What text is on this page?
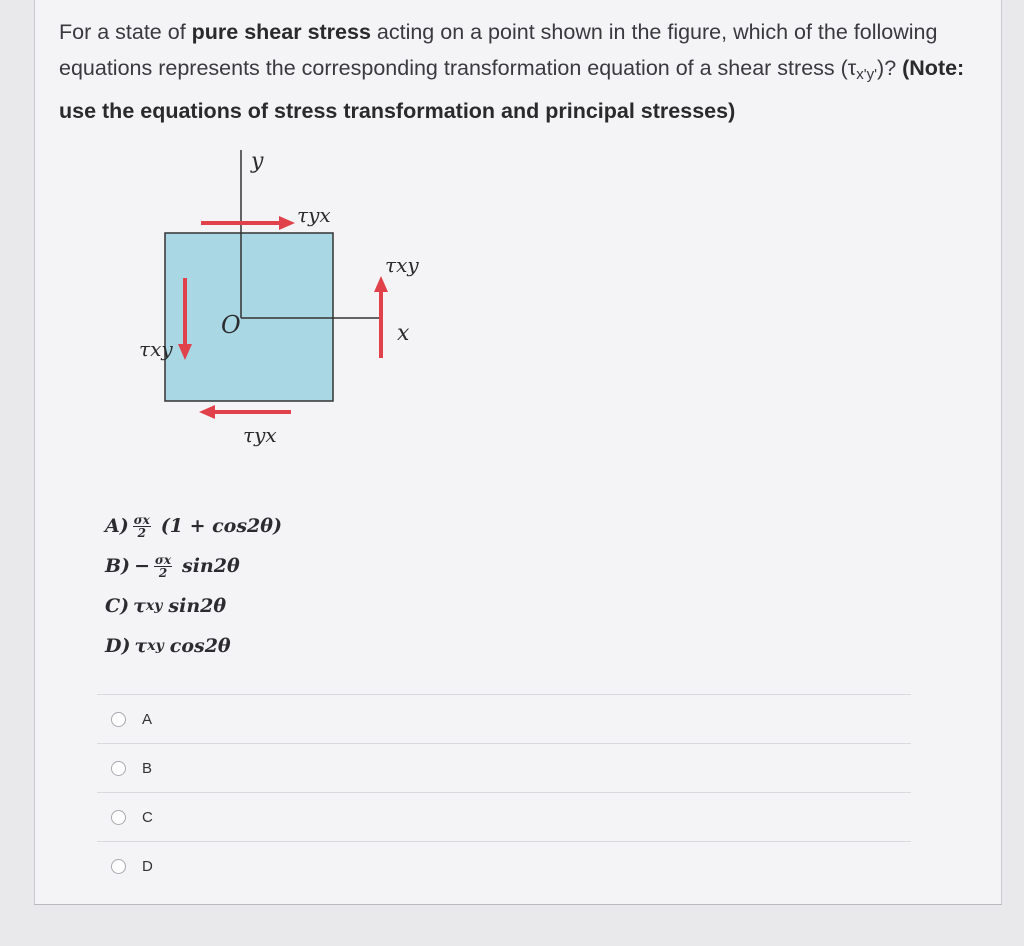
For a state of pure shear stress acting on a point shown in the figure, which of the following equations represents the corresponding transformation equation of a shear stress $(\tau_{x'y'})$? (Note: use the equations of stress transformation and principal stresses)
y
x
O
τyx
τyx
τxy
τxy
$A) \frac{\sigma x}{2} (1 + \cos 2\theta)$
$B) - \frac{\sigma x}{2} \sin 2\theta$
C) τ xy sin2θ
D) τ xy cos2θ
A
B
C
D
